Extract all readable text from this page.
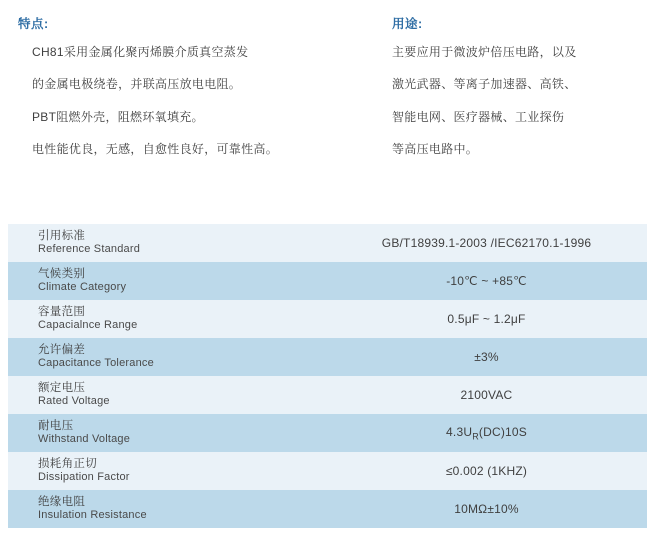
特点:

CH81采用金属化聚丙烯膜介质真空蒸发

的金属电极绕卷，并联高压放电电阻。

PBT阻燃外壳，阻燃环氧填充。

电性能优良，无感，自愈性良好，可靠性高。

用途:

主要应用于微波炉倍压电路，以及

激光武器、等离子加速器、高铁、

智能电网、医疗器械、工业探伤

等高压电路中。

引用标准
Reference Standard	GB/T18939.1-2003 /IEC62170.1-1996

气候类别
Climate Category	-10℃ ~ +85℃

容量范围
Capacialnce Range	0.5μF ~ 1.2μF

允许偏差
Capacitance Tolerance	±3%

额定电压
Rated Voltage	2100VAC

耐电压
Withstand Voltage	$4.3U_R(DC)10S$

损耗角正切
Dissipation Factor	≤0.002 (1KHZ)

绝缘电阻
Insulation Resistance	10MΩ±10%
